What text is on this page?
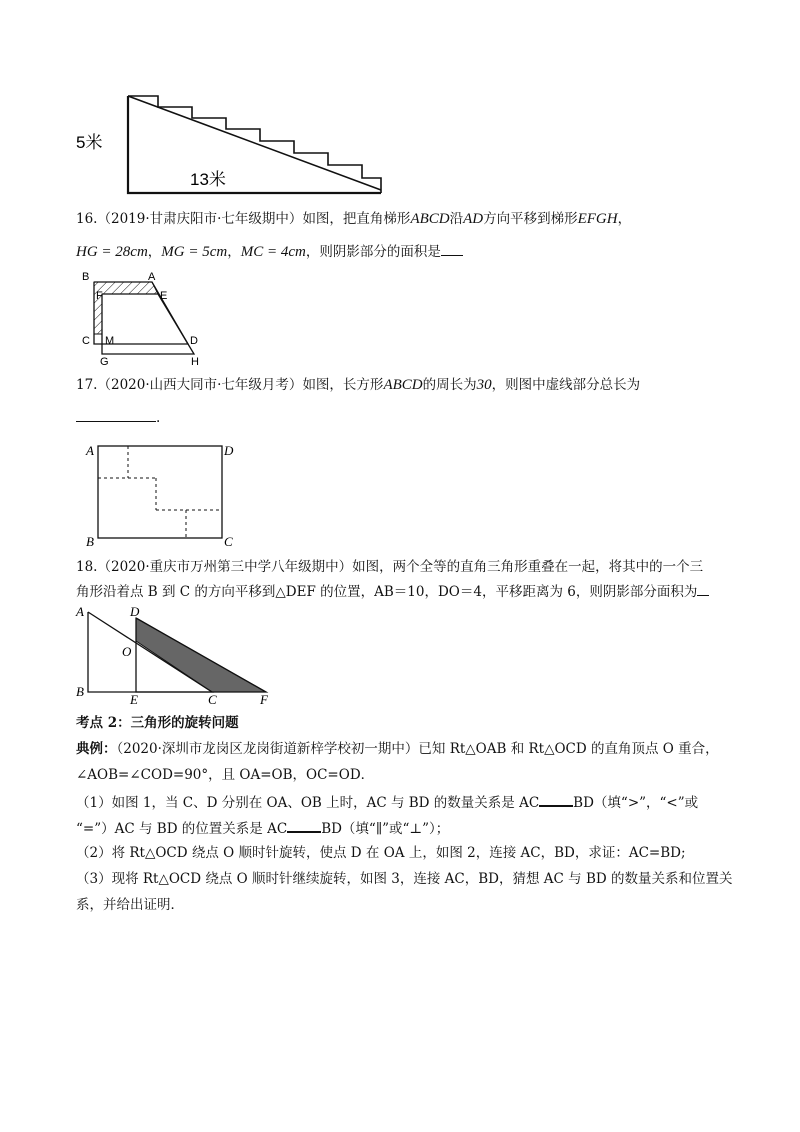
5米
13米
16.（2019·甘肃庆阳市·七年级期中）如图，把直角梯形ABCD沿AD方向平移到梯形EFGH，
HG = 28cm，MG = 5cm，MC = 4cm，则阴影部分的面积是
B	A
F	E
C M	D
G	H
17.（2020·山西大同市·七年级月考）如图，长方形ABCD的周长为30，则图中虚线部分总长为
.
A	D
B	C
18.（2020·重庆市万州第三中学八年级期中）如图，两个全等的直角三角形重叠在一起，将其中的一个三
角形沿着点 B 到 C 的方向平移到△DEF 的位置，AB＝10，DO＝4，平移距离为 6，则阴影部分面积为
A	D
O
B
E	C	F
考点 2：三角形的旋转问题
典例：（2020·深圳市龙岗区龙岗街道新梓学校初一期中）已知 Rt△OAB 和 Rt△OCD 的直角顶点 O 重合，
∠AOB=∠COD=90°，且 OA=OB，OC=OD．
（1）如图 1，当 C、D 分别在 OA、OB 上时，AC 与 BD 的数量关系是 AC	BD（填“>”，“<”或
“=”）AC 与 BD 的位置关系是 AC	BD（填“∥”或“⊥”）；
（2）将 Rt△OCD 绕点 O 顺时针旋转，使点 D 在 OA 上，如图 2，连接 AC，BD，求证：AC=BD;
（3）现将 Rt△OCD 绕点 O 顺时针继续旋转，如图 3，连接 AC，BD，猜想 AC 与 BD 的数量关系和位置关
系，并给出证明．
